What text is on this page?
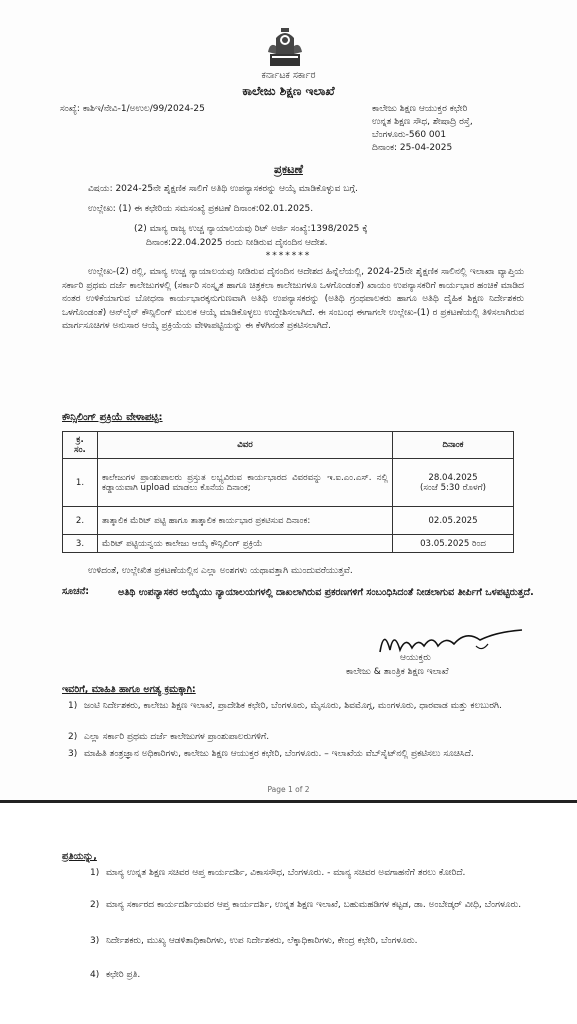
ಕರ್ನಾಟಕ ಸರ್ಕಾರ
ಕಾಲೇಜು ಶಿಕ್ಷಣ ಇಲಾಖೆ
ಸಂಖ್ಯೆ: ಕಾಶಿಇ/ನೇವಿ-1/ಅಉಲ/99/2024-25	ಕಾಲೇಜು ಶಿಕ್ಷಣ ಆಯುಕ್ತರ ಕಛೇರಿ
ಉನ್ನತ ಶಿಕ್ಷಣ ಸೌಧ, ಶೇಷಾದ್ರಿ ರಸ್ತೆ,
ಬೆಂಗಳೂರು-560 001
ದಿನಾಂಕ: 25-04-2025
ಪ್ರಕಟಣೆ
ವಿಷಯ: 2024-25ನೇ ಶೈಕ್ಷಣಿಕ ಸಾಲಿಗೆ ಅತಿಥಿ ಉಪನ್ಯಾಸಕರನ್ನು ಆಯ್ಕೆ ಮಾಡಿಕೊಳ್ಳುವ ಬಗ್ಗೆ.
ಉಲ್ಲೇಖ: (1) ಈ ಕಛೇರಿಯ ಸಮಸಂಖ್ಯೆ ಪ್ರಕಟಣೆ ದಿನಾಂಕ:02.01.2025.
(2) ಮಾನ್ಯ ರಾಜ್ಯ ಉಚ್ಚ ನ್ಯಾಯಾಲಯವು ರಿಟ್ ಅರ್ಜಿ ಸಂಖ್ಯೆ:1398/2025 ಕ್ಕೆ
ದಿನಾಂಕ:22.04.2025 ರಂದು ನೀಡಿರುವ ದೈನಂದಿನ ಆದೇಶ.
*******
ಉಲ್ಲೇಖ-(2) ರಲ್ಲಿ, ಮಾನ್ಯ ಉಚ್ಚ ನ್ಯಾಯಾಲಯವು ನೀಡಿರುವ ದೈನಂದಿನ ಆದೇಶದ ಹಿನ್ನೆಲೆಯಲ್ಲಿ, 2024-25ನೇ ಶೈಕ್ಷಣಿಕ ಸಾಲಿನಲ್ಲಿ ಇಲಾಖಾ ವ್ಯಾಪ್ತಿಯ ಸರ್ಕಾರಿ ಪ್ರಥಮ ದರ್ಜೆ ಕಾಲೇಜುಗಳಲ್ಲಿ (ಸರ್ಕಾರಿ ಸಂಸ್ಕೃತ ಹಾಗೂ ಚಿತ್ರಕಲಾ ಕಾಲೇಜುಗಳೂ ಒಳಗೊಂಡಂತೆ) ಖಾಯಂ ಉಪನ್ಯಾಸಕರಿಗೆ ಕಾರ್ಯಭಾರ ಹಂಚಿಕೆ ಮಾಡಿದ ನಂತರ ಉಳಿಕೆಯಾಗುವ ಬೋಧನಾ ಕಾರ್ಯಭಾರಕ್ಕನುಗುಣವಾಗಿ ಅತಿಥಿ ಉಪನ್ಯಾಸಕರನ್ನು (ಅತಿಥಿ ಗ್ರಂಥಪಾಲಕರು ಹಾಗೂ ಅತಿಥಿ ದೈಹಿಕ ಶಿಕ್ಷಣ ನಿರ್ದೇಶಕರು ಒಳಗೊಂಡಂತೆ) ಆನ್‌ಲೈನ್ ಕೌನ್ಸಿಲಿಂಗ್ ಮುಲಕ ಆಯ್ಕೆ ಮಾಡಿಕೊಳ್ಳಲು ಉದ್ದೇಶಿಸಲಾಗಿದೆ. ಈ ಸಂಬಂಧ ಈಗಾಗಲೇ ಉಲ್ಲೇಖ-(1) ರ ಪ್ರಕಟಣೆಯಲ್ಲಿ ತಿಳಿಸಲಾಗಿರುವ ಮಾರ್ಗಸೂಚಿಗಳ ಅನುಸಾರ ಆಯ್ಕೆ ಪ್ರಕ್ರಿಯೆಯ ವೇಳಾಪಟ್ಟಿಯನ್ನು ಈ ಕೆಳಗಿನಂತೆ ಪ್ರಕಟಿಸಲಾಗಿದೆ.
ಕೌನ್ಸಿಲಿಂಗ್ ಪ್ರಕ್ರಿಯೆ ವೇಳಾಪಟ್ಟಿ:
ಕ್ರ.
ಸಂ.	ವಿವರ	ದಿನಾಂಕ
1.	ಕಾಲೇಜುಗಳ ಪ್ರಾಂಶುಪಾಲರು ಪ್ರಸ್ತುತ ಲಭ್ಯವಿರುವ ಕಾರ್ಯಭಾರದ ವಿವರವನ್ನು ಇ.ಐ.ಎಂ.ಎಸ್. ನಲ್ಲಿ ಕಡ್ಡಾಯವಾಗಿ upload ಮಾಡಲು ಕೊನೆಯ ದಿನಾಂಕ;	28.04.2025
(ಸಂಜೆ 5:30 ರೊಳಗೆ)
2.	ತಾತ್ಕಾಲಿಕ ಮೆರಿಟ್ ಪಟ್ಟಿ ಹಾಗೂ ತಾತ್ಕಾಲಿಕ ಕಾರ್ಯಭಾರ ಪ್ರಕಟಿಸುವ ದಿನಾಂಕ:	02.05.2025
3.	ಮೆರಿಟ್ ಪಟ್ಟಿಯನ್ವಯ ಕಾಲೇಜು ಆಯ್ಕೆ ಕೌನ್ಸಿಲಿಂಗ್ ಪ್ರಕ್ರಿಯೆ	03.05.2025 ರಿಂದ
ಉಳಿದಂತೆ, ಉಲ್ಲೇಖಿತ ಪ್ರಕಟಣೆಯಲ್ಲಿನ ಎಲ್ಲಾ ಅಂಶಗಳು ಯಥಾವತ್ತಾಗಿ ಮುಂದುವರೆಯುತ್ತವೆ.
ಸೂಚನೆ:	ಅತಿಥಿ ಉಪನ್ಯಾಸಕರ ಆಯ್ಕೆಯು ನ್ಯಾಯಾಲಯಗಳಲ್ಲಿ ದಾಖಲಾಗಿರುವ ಪ್ರಕರಣಗಳಿಗೆ ಸಂಬಂಧಿಸಿದಂತೆ ನೀಡಲಾಗುವ ತೀರ್ಪಿಗೆ ಒಳಪಟ್ಟಿರುತ್ತದೆ.
ಆಯುಕ್ತರು
ಕಾಲೇಜು & ತಾಂತ್ರಿಕ ಶಿಕ್ಷಣ ಇಲಾಖೆ
ಇವರಿಗೆ, ಮಾಹಿತಿ ಹಾಗೂ ಅಗತ್ಯ ಕ್ರಮಕ್ಕಾಗಿ:
1) ಜಂಟಿ ನಿರ್ದೇಶಕರು, ಕಾಲೇಜು ಶಿಕ್ಷಣ ಇಲಾಖೆ, ಪ್ರಾದೇಶಿಕ ಕಛೇರಿ, ಬೆಂಗಳೂರು, ಮೈಸೂರು, ಶಿವಮೊಗ್ಗ, ಮಂಗಳೂರು, ಧಾರವಾಡ ಮತ್ತು ಕಲಬುರಗಿ.
2) ಎಲ್ಲಾ ಸರ್ಕಾರಿ ಪ್ರಥಮ ದರ್ಜೆ ಕಾಲೇಜುಗಳ ಪ್ರಾಂಶುಪಾಲರುಗಳಿಗೆ.
3) ಮಾಹಿತಿ ತಂತ್ರಜ್ಞಾನ ಅಧಿಕಾರಿಗಳು, ಕಾಲೇಜು ಶಿಕ್ಷಣ ಆಯುಕ್ತರ ಕಛೇರಿ, ಬೆಂಗಳೂರು. – ಇಲಾಖೆಯ ವೆಬ್‌ಸೈಟ್‌ನಲ್ಲಿ ಪ್ರಕಟಿಸಲು ಸೂಚಿಸಿದೆ.
Page 1 of 2
ಪ್ರತಿಯನ್ನು,
1) ಮಾನ್ಯ ಉನ್ನತ ಶಿಕ್ಷಣ ಸಚಿವರ ಆಪ್ತ ಕಾರ್ಯದರ್ಶಿ, ವಿಕಾಸಸೌಧ, ಬೆಂಗಳೂರು. - ಮಾನ್ಯ ಸಚಿವರ ಅವಗಾಹನೆಗೆ ತರಲು ಕೋರಿದೆ.
2) ಮಾನ್ಯ ಸರ್ಕಾರದ ಕಾರ್ಯದರ್ಶಿಯವರ ಆಪ್ತ ಕಾರ್ಯದರ್ಶಿ, ಉನ್ನತ ಶಿಕ್ಷಣ ಇಲಾಖೆ, ಬಹುಮಹಡಿಗಳ ಕಟ್ಟಡ, ಡಾ. ಅಂಬೇಡ್ಕರ್ ವೀಧಿ, ಬೆಂಗಳೂರು.
3) ನಿರ್ದೇಶಕರು, ಮುಖ್ಯ ಆಡಳಿತಾಧಿಕಾರಿಗಳು, ಉಪ ನಿರ್ದೇಶಕರು, ಲೆಕ್ಕಾಧಿಕಾರಿಗಳು, ಕೇಂದ್ರ ಕಛೇರಿ, ಬೆಂಗಳೂರು.
4) ಕಛೇರಿ ಪ್ರತಿ.
